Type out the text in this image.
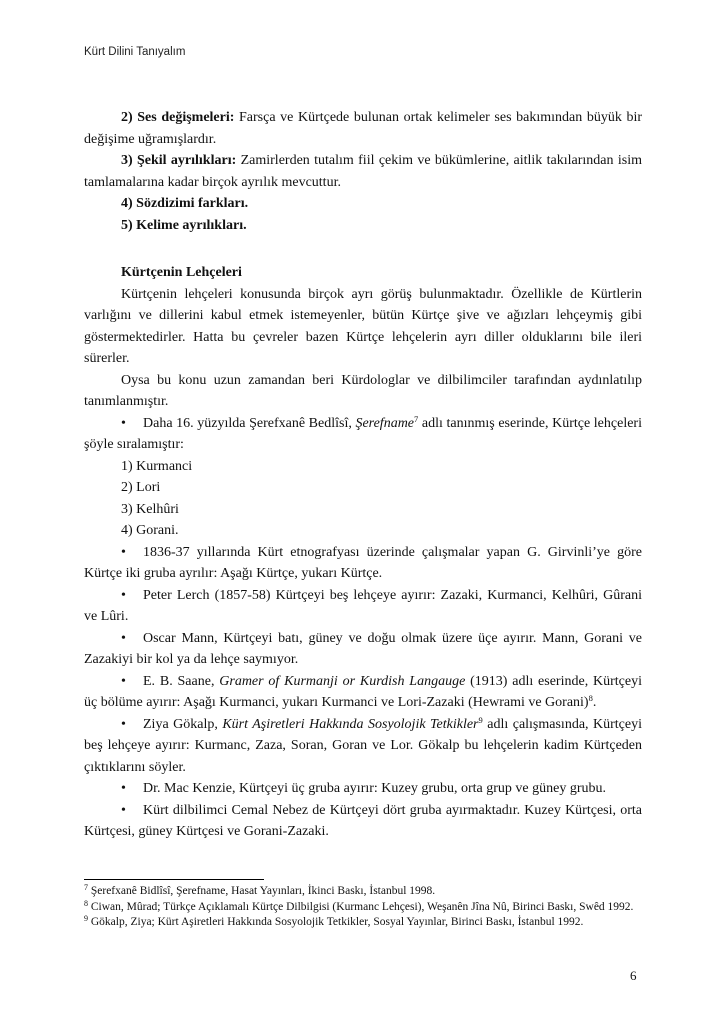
Kürt Dilini Tanıyalım

2) Ses değişmeleri: Farsça ve Kürtçede bulunan ortak kelimeler ses bakımından büyük bir değişime uğramışlardır.

3) Şekil ayrılıkları: Zamirlerden tutalım fiil çekim ve bükümlerine, aitlik takılarından isim tamlamalarına kadar birçok ayrılık mevcuttur.

4) Sözdizimi farkları.

5) Kelime ayrılıkları.

Kürtçenin Lehçeleri

Kürtçenin lehçeleri konusunda birçok ayrı görüş bulunmaktadır. Özellikle de Kürtlerin varlığını ve dillerini kabul etmek istemeyenler, bütün Kürtçe şive ve ağızları lehçeymiş gibi göstermektedirler. Hatta bu çevreler bazen Kürtçe lehçelerin ayrı diller olduklarını bile ileri sürerler.

Oysa bu konu uzun zamandan beri Kürdologlar ve dilbilimciler tarafından aydınlatılıp tanımlanmıştır.

• Daha 16. yüzyılda Şerefxanê Bedlîsî, Şerefname$^7$ adlı tanınmış eserinde, Kürtçe lehçeleri şöyle sıralamıştır:

1) Kurmanci

2) Lori

3) Kelhûri

4) Gorani.

• 1836-37 yıllarında Kürt etnografyası üzerinde çalışmalar yapan G. Girvinli’ye göre Kürtçe iki gruba ayrılır: Aşağı Kürtçe, yukarı Kürtçe.

• Peter Lerch (1857-58) Kürtçeyi beş lehçeye ayırır: Zazaki, Kurmanci, Kelhûri, Gûrani ve Lûri.

• Oscar Mann, Kürtçeyi batı, güney ve doğu olmak üzere üçe ayırır. Mann, Gorani ve Zazakiyi bir kol ya da lehçe saymıyor.

• E. B. Saane, Gramer of Kurmanji or Kurdish Langauge (1913) adlı eserinde, Kürtçeyi üç bölüme ayırır: Aşağı Kurmanci, yukarı Kurmanci ve Lori-Zazaki (Hewrami ve Gorani)$^8$.

• Ziya Gökalp, Kürt Aşiretleri Hakkında Sosyolojik Tetkikler$^9$ adlı çalışmasında, Kürtçeyi beş lehçeye ayırır: Kurmanc, Zaza, Soran, Goran ve Lor. Gökalp bu lehçelerin kadim Kürtçeden çıktıklarını söyler.

• Dr. Mac Kenzie, Kürtçeyi üç gruba ayırır: Kuzey grubu, orta grup ve güney grubu.

• Kürt dilbilimci Cemal Nebez de Kürtçeyi dört gruba ayırmaktadır. Kuzey Kürtçesi, orta Kürtçesi, güney Kürtçesi ve Gorani-Zazaki.

$^7$ Şerefxanê Bidlîsî, Şerefname, Hasat Yayınları, İkinci Baskı, İstanbul 1998.
$^8$ Ciwan, Mûrad; Türkçe Açıklamalı Kürtçe Dilbilgisi (Kurmanc Lehçesi), Weşanên Jîna Nû, Birinci Baskı, Swêd 1992.
$^9$ Gökalp, Ziya; Kürt Aşiretleri Hakkında Sosyolojik Tetkikler, Sosyal Yayınlar, Birinci Baskı, İstanbul 1992.
6
